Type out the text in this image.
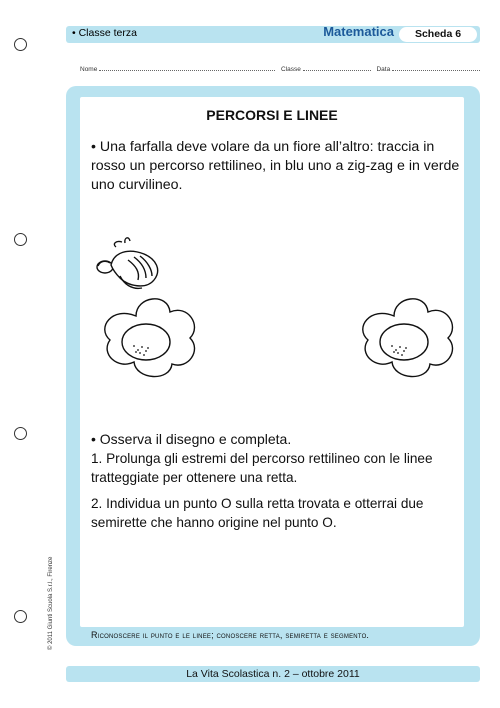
• Classe terza	Matematica	Scheda 6
Nome	Classe	Data
PERCORSI E LINEE
• Una farfalla deve volare da un fiore all’altro: traccia in rosso un percorso rettilineo, in blu uno a zig-zag e in verde uno curvilineo.
• Osserva il disegno e completa.
1. Prolunga gli estremi del percorso rettilineo con le linee tratteggiate per ottenere una retta.
2. Individua un punto O sulla retta trovata e otterrai due semirette che hanno origine nel punto O.
Riconoscere il punto e le linee; conoscere retta, semiretta e segmento.
La Vita Scolastica n. 2 – ottobre 2011
© 2011 Giunti Scuola S.r.l., Firenze
